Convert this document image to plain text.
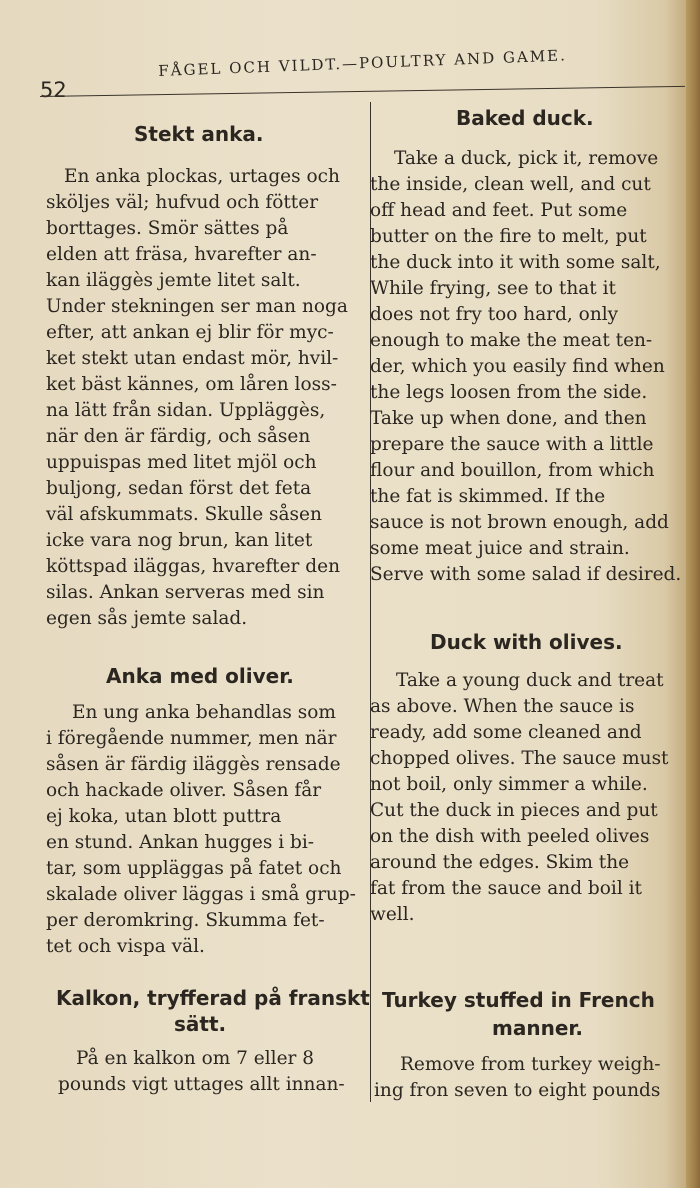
52
FÅGEL OCH VILDT.—POULTRY AND GAME.
Stekt anka.
En anka plockas, urtages och
sköljes väl; hufvud och fötter
borttages. Smör sättes på
elden att fräsa, hvarefter an-
kan iläggès jemte litet salt.
Under stekningen ser man noga
efter, att ankan ej blir för myc-
ket stekt utan endast mör, hvil-
ket bäst kännes, om låren loss-
na lätt från sidan. Uppläggès,
när den är färdig, och såsen
uppuispas med litet mjöl och
buljong, sedan först det feta
väl afskummats. Skulle såsen
icke vara nog brun, kan litet
köttspad iläggas, hvarefter den
silas. Ankan serveras med sin
egen sås jemte salad.
Anka med oliver.
En ung anka behandlas som
i föregående nummer, men när
såsen är färdig iläggès rensade
och hackade oliver. Såsen får
ej koka, utan blott puttra
en stund. Ankan hugges i bi-
tar, som uppläggas på fatet och
skalade oliver läggas i små grup-
per deromkring. Skumma fet-
tet och vispa väl.
Kalkon, tryfferad på franskt
sätt.
På en kalkon om 7 eller 8
pounds vigt uttages allt innan-
Baked duck.
Take a duck, pick it, remove
the inside, clean well, and cut
off head and feet. Put some
butter on the fire to melt, put
the duck into it with some salt,
While frying, see to that it
does not fry too hard, only
enough to make the meat ten-
der, which you easily find when
the legs loosen from the side.
Take up when done, and then
prepare the sauce with a little
flour and bouillon, from which
the fat is skimmed. If the
sauce is not brown enough, add
some meat juice and strain.
Serve with some salad if desired.
Duck with olives.
Take a young duck and treat
as above. When the sauce is
ready, add some cleaned and
chopped olives. The sauce must
not boil, only simmer a while.
Cut the duck in pieces and put
on the dish with peeled olives
around the edges. Skim the
fat from the sauce and boil it
well.
Turkey stuffed in French
manner.
Remove from turkey weigh-
ing fron seven to eight pounds
